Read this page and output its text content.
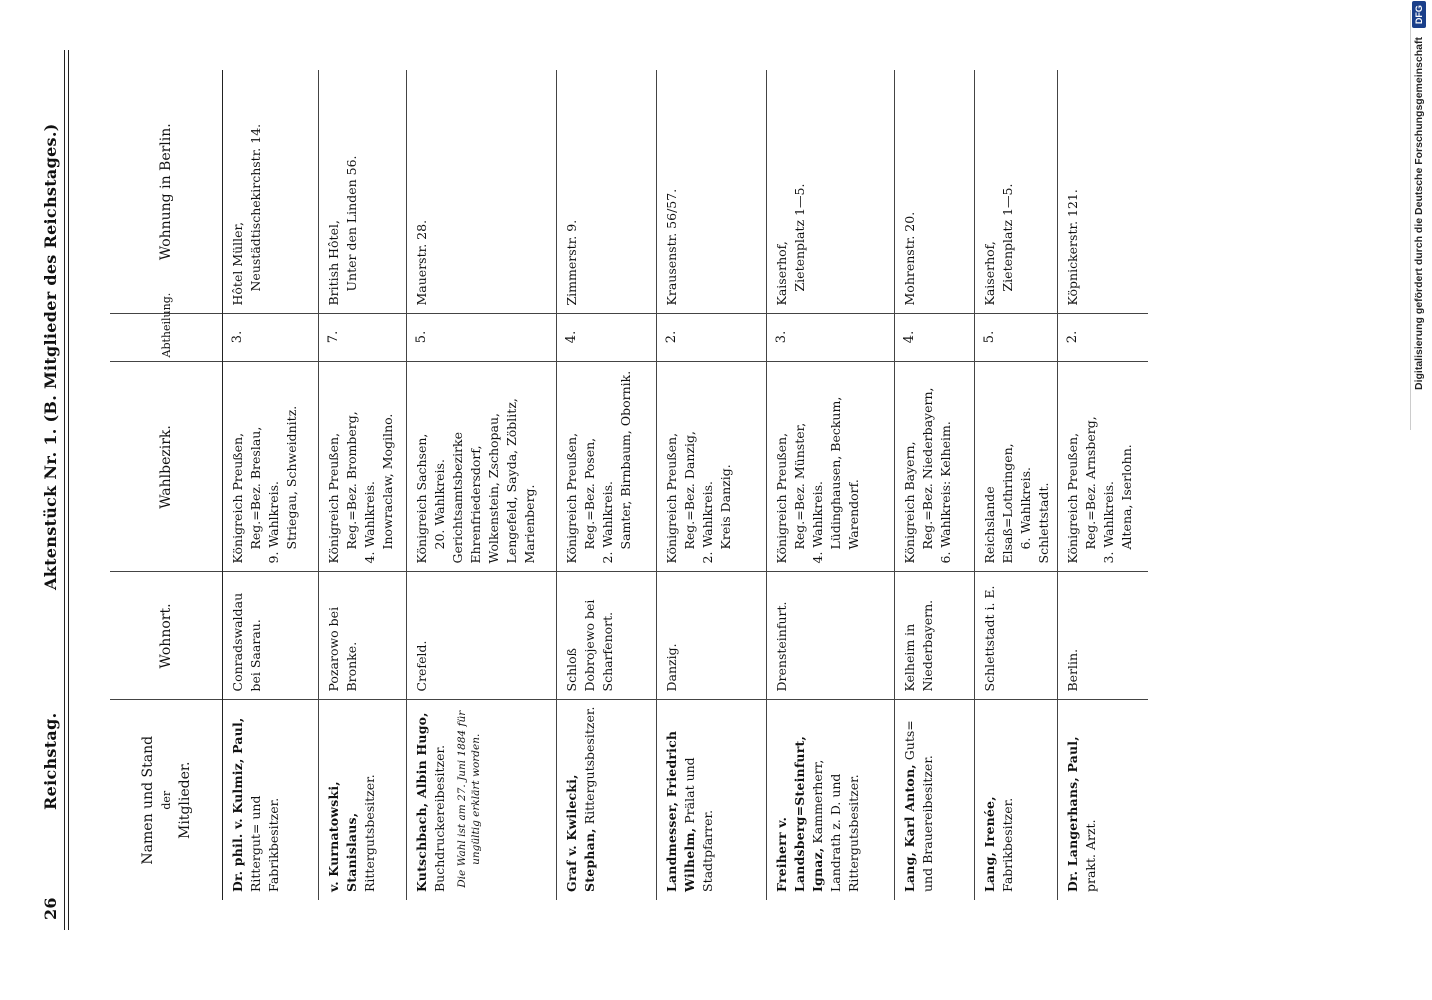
26
Reichstag.
Aktenstück Nr. 1. (B. Mitglieder des Reichstages.)
Namen und Stand der Mitglieder.	Wohnort.	Wahlbezirk.	Abtheilung.	Wohnung in Berlin.
Dr. phil. v. Kulmiz, Paul, Rittergut= und Fabrikbesitzer.	Conradswaldau bei Saarau.	Königreich Preußen, Reg.=Bez. Breslau, 9. Wahlkreis. Striegau, Schweidnitz.	3.	Hôtel Müller, Neustädtischekirchstr. 14.

v. Kurnatowski, Stanislaus, Rittergutsbesitzer.	Pozarowo bei Bronke.	Königreich Preußen, Reg.=Bez. Bromberg, 4. Wahlkreis. Inowraclaw, Mogilno.	7.	British Hôtel, Unter den Linden 56.

Kutschbach, Albin Hugo, Buchdruckereibesitzer. Die Wahl ist am 27. Juni 1884 für ungültig erklärt worden.	Crefeld.	Königreich Sachsen, 20. Wahlkreis. Gerichtsamtsbezirke Ehrenfriedersdorf, Wolkenstein, Zschopau, Lengefeld, Sayda, Zöblitz, Marienberg.	5.	Mauerstr. 28.

Graf v. Kwilecki, Stephan, Rittergutsbesitzer.	Schloß Dobrojewo bei Scharfenort.	Königreich Preußen, Reg.=Bez. Posen, 2. Wahlkreis. Samter, Birnbaum, Obornik.	4.	Zimmerstr. 9.

Landmesser, Friedrich Wilhelm, Prälat und Stadtpfarrer.	Danzig.	Königreich Preußen, Reg.=Bez. Danzig, 2. Wahlkreis. Kreis Danzig.	2.	Krausenstr. 56/57.

Freiherr v. Landsberg=Steinfurt, Ignaz, Kammerherr, Landrath z. D. und Rittergutsbesitzer.	Drensteinfurt.	Königreich Preußen, Reg.=Bez. Münster, 4. Wahlkreis. Lüdinghausen, Beckum, Warendorf.	3.	Kaiserhof, Zietenplatz 1—5.

Lang, Karl Anton, Guts= und Brauereibesitzer.	Kelheim in Niederbayern.	Königreich Bayern, Reg.=Bez. Niederbayern, 6. Wahlkreis: Kelheim.	4.	Mohrenstr. 20.

Lang, Irenée, Fabrikbesitzer.	Schlettstadt i. E.	Reichslande Elsaß=Lothringen, 6. Wahlkreis. Schlettstadt.	5.	Kaiserhof, Zietenplatz 1—5.

Dr. Langerhans, Paul, prakt. Arzt.	Berlin.	Königreich Preußen, Reg.=Bez. Arnsberg, 3. Wahlkreis. Altena, Iserlohn.	2.	Köpnickerstr. 121.	Digitalisierung gefördert durch die Deutsche Forschungsgemeinschaft DFG
